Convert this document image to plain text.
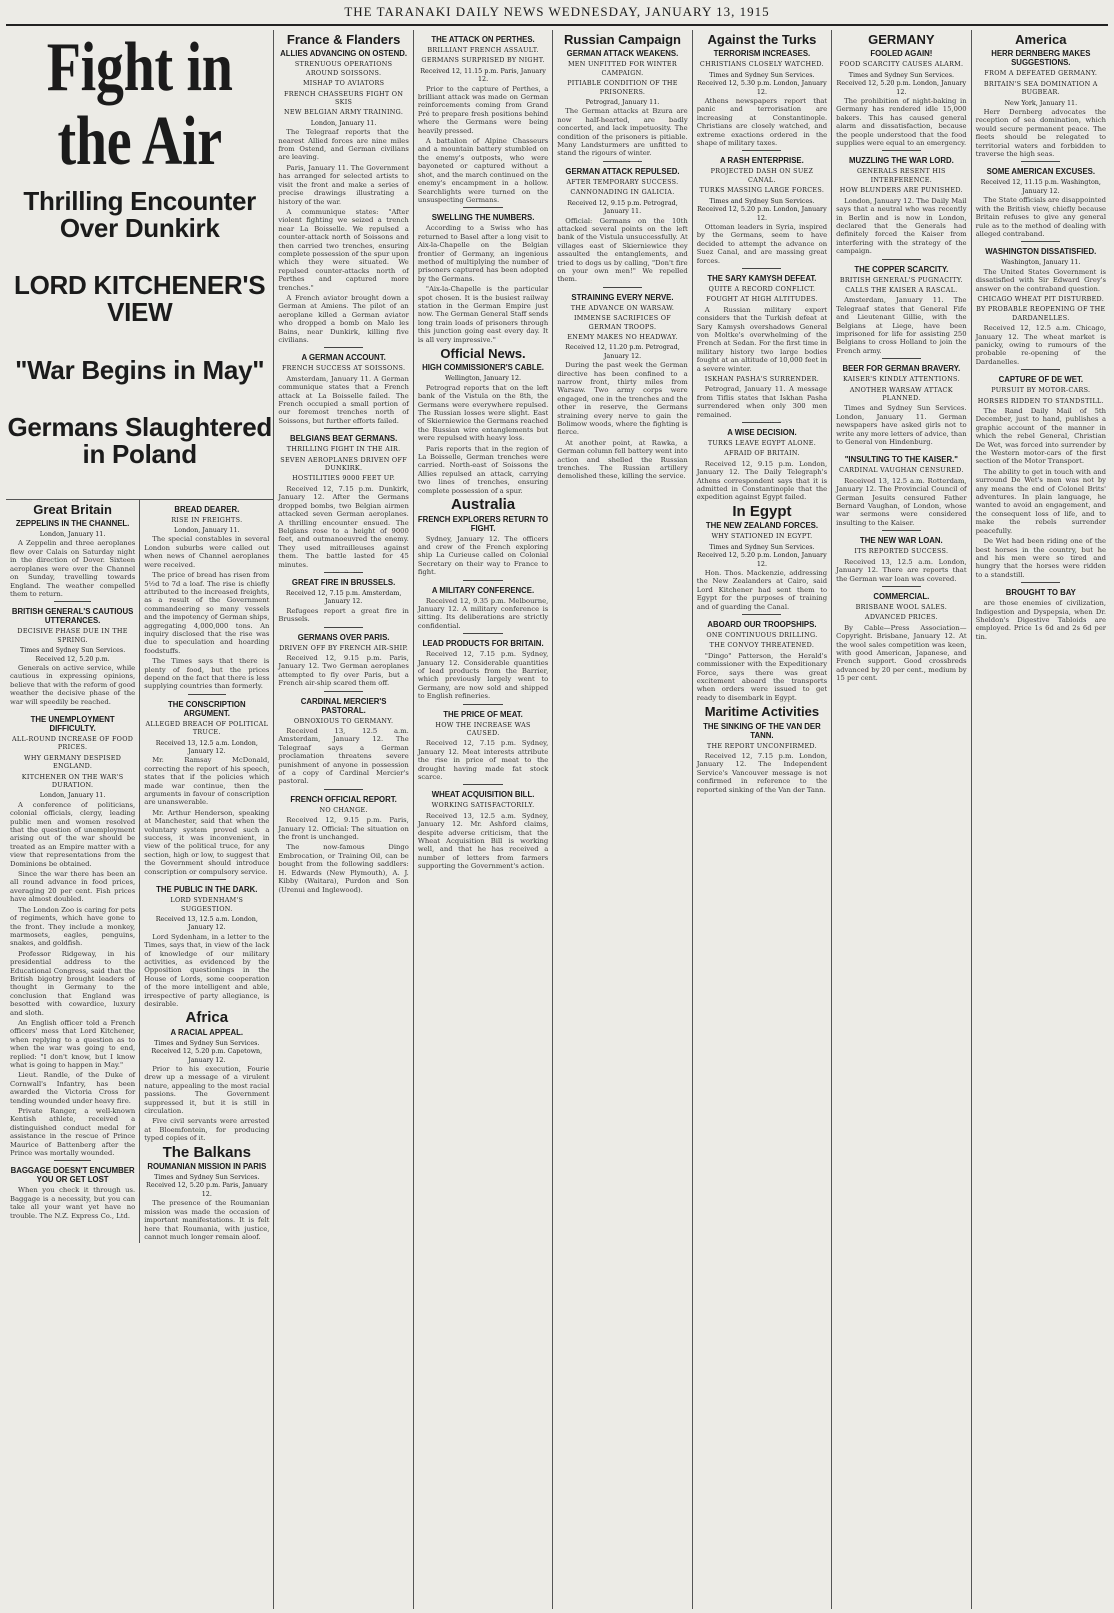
THE TARANAKI DAILY NEWS WEDNESDAY, JANUARY 13, 1915
Fight in the Air
Thrilling Encounter Over Dunkirk
LORD KITCHENER'S VIEW
"War Begins in May"
Germans Slaughtered in Poland
Great Britain
ZEPPELINS IN THE CHANNEL.
London, January 11.

A Zeppelin and three aeroplanes flew over Calais on Saturday night in the direction of Dover. Sixteen aeroplanes were over the Channel on Sunday, travelling towards England. The weather compelled them to return.

BRITISH GENERAL'S CAUTIOUS UTTERANCES.
DECISIVE PHASE DUE IN THE SPRING.
Times and Sydney Sun Services. Received 12, 5.20 p.m.

Generals on active service, while cautious in expressing opinions, believe that with the reform of good weather the decisive phase of the war will speedily be reached.

THE UNEMPLOYMENT DIFFICULTY.
ALL-ROUND INCREASE OF FOOD PRICES.
WHY GERMANY DESPISED ENGLAND.
KITCHENER ON THE WAR'S DURATION.
London, January 11.

A conference of politicians, colonial officials, clergy, leading public men and women resolved that the question of unemployment arising out of the war should be treated as an Empire matter with a view that representations from the Dominions be obtained.

Since the war there has been an all round advance in food prices, averaging 20 per cent. Fish prices have almost doubled.

The London Zoo is caring for pets of regiments, which have gone to the front. They include a monkey, marmosets, eagles, penguins, snakes, and goldfish.

Professor Ridgeway, in his presidential address to the Educational Congress, said that the British bigotry brought leaders of thought in Germany to the conclusion that England was besotted with cowardice, luxury and sloth.

An English officer told a French officers' mess that Lord Kitchener, when replying to a question as to when the war was going to end, replied: "I don't know, but I know what is going to happen in May."

Lieut. Randle, of the Duke of Cornwall's Infantry, has been awarded the Victoria Cross for tending wounded under heavy fire.

Private Ranger, a well-known Kentish athlete, received a distinguished conduct medal for assistance in the rescue of Prince Maurice of Battenberg after the Prince was mortally wounded.

BAGGAGE DOESN'T ENCUMBER YOU OR GET LOST

When you check it through us. Baggage is a necessity, but you can take all your want yet have no trouble. The N.Z. Express Co., Ltd.

BREAD DEARER.
RISE IN FREIGHTS.
London, January 11.

The special constables in several London suburbs were called out when news of Channel aeroplanes were received.

The price of bread has risen from 5½d to 7d a loaf. The rise is chiefly attributed to the increased freights, as a result of the Government commandeering so many vessels and the impotency of German ships, aggregating 4,000,000 tons. An inquiry disclosed that the rise was due to speculation and hoarding foodstuffs.

The Times says that there is plenty of food, but the prices depend on the fact that there is less supplying countries than formerly.

THE CONSCRIPTION ARGUMENT.
ALLEGED BREACH OF POLITICAL TRUCE.
Received 13, 12.5 a.m. London, January 12.

Mr. Ramsay McDonald, correcting the report of his speech, states that if the policies which made war continue, then the arguments in favour of conscription are unanswerable.

Mr. Arthur Henderson, speaking at Manchester, said that when the voluntary system proved such a success, it was inconvenient, in view of the political truce, for any section, high or low, to suggest that the Government should introduce conscription or compulsory service.

THE PUBLIC IN THE DARK.
LORD SYDENHAM'S SUGGESTION.
Received 13, 12.5 a.m. London, January 12.

Lord Sydenham, in a letter to the Times, says that, in view of the lack of knowledge of our military activities, as evidenced by the Opposition questionings in the House of Lords, some cooperation of the more intelligent and able, irrespective of party allegiance, is desirable.

Africa
A RACIAL APPEAL.
Times and Sydney Sun Services. Received 12, 5.20 p.m. Capetown, January 12.

Prior to his execution, Fourie drew up a message of a virulent nature, appealing to the most racial passions. The Government suppressed it, but it is still in circulation.

Five civil servants were arrested at Bloemfontein, for producing typed copies of it.

The Balkans
ROUMANIAN MISSION IN PARIS
Times and Sydney Sun Services. Received 12, 5.20 p.m. Paris, January 12.

The presence of the Roumanian mission was made the occasion of important manifestations. It is felt here that Roumania, with justice, cannot much longer remain aloof.

France & Flanders
ALLIES ADVANCING ON OSTEND.
STRENUOUS OPERATIONS AROUND SOISSONS.
MISHAP TO AVIATORS
FRENCH CHASSEURS FIGHT ON SKIS
NEW BELGIAN ARMY TRAINING.
London, January 11.

The Telegraaf reports that the nearest Allied forces are nine miles from Ostend, and German civilians are leaving.

Paris, January 11. The Government has arranged for selected artists to visit the front and make a series of precise drawings illustrating a history of the war.

A communique states: "After violent fighting we seized a trench near La Boisselle. We repulsed a counter-attack north of Soissons and then carried two trenches, ensuring complete possession of the spur upon which they were situated. We repulsed counter-attacks north of Perthes and captured more trenches."

A French aviator brought down a German at Amiens. The pilot of an aeroplane killed a German aviator who dropped a bomb on Malo les Bains, near Dunkirk, killing five civilians.

A GERMAN ACCOUNT.
FRENCH SUCCESS AT SOISSONS.

Amsterdam, January 11. A German communique states that a French attack at La Boisselle failed. The French occupied a small portion of our foremost trenches north of Soissons, but further efforts failed.

BELGIANS BEAT GERMANS.
THRILLING FIGHT IN THE AIR.
SEVEN AEROPLANES DRIVEN OFF DUNKIRK.
HOSTILITIES 9000 FEET UP.

Received 12, 7.15 p.m. Dunkirk, January 12. After the Germans dropped bombs, two Belgian airmen attacked seven German aeroplanes. A thrilling encounter ensued. The Belgians rose to a height of 9000 feet, and outmanoeuvred the enemy. They used mitrailleuses against them. The battle lasted for 45 minutes.

GREAT FIRE IN BRUSSELS.
Received 12, 7.15 p.m. Amsterdam, January 12.

Refugees report a great fire in Brussels.

GERMANS OVER PARIS.
DRIVEN OFF BY FRENCH AIR-SHIP.

Received 12, 9.15 p.m. Paris, January 12. Two German aeroplanes attempted to fly over Paris, but a French air-ship scared them off.

CARDINAL MERCIER'S PASTORAL.
OBNOXIOUS TO GERMANY.

Received 13, 12.5 a.m. Amsterdam, January 12. The Telegraaf says a German proclamation threatens severe punishment of anyone in possession of a copy of Cardinal Mercier's pastoral.

FRENCH OFFICIAL REPORT.
NO CHANGE.

Received 12, 9.15 p.m. Paris, January 12. Official: The situation on the front is unchanged.

The now-famous Dingo Embrocation, or Training Oil, can be bought from the following saddlers: H. Edwards (New Plymouth), A. J. Kibby (Waitara), Purdon and Son (Urenui and Inglewood).

THE ATTACK ON PERTHES.
BRILLIANT FRENCH ASSAULT.
GERMANS SURPRISED BY NIGHT.
Received 12, 11.15 p.m. Paris, January 12.

Prior to the capture of Perthes, a brilliant attack was made on German reinforcements coming from Grand Pré to prepare fresh positions behind where the Germans were being heavily pressed.

A battalion of Alpine Chasseurs and a mountain battery stumbled on the enemy's outposts, who were bayoneted or captured without a shot, and the march continued on the enemy's encampment in a hollow. Searchlights were turned on the unsuspecting Germans.

SWELLING THE NUMBERS.

According to a Swiss who has returned to Basel after a long visit to Aix-la-Chapelle on the Belgian frontier of Germany, an ingenious method of multiplying the number of prisoners captured has been adopted by the Germans.

"Aix-la-Chapelle is the particular spot chosen. It is the busiest railway station in the German Empire just now. The German General Staff sends long train loads of prisoners through this junction going east every day. It is all very impressive."

Official News.
HIGH COMMISSIONER'S CABLE.
Wellington, January 12.

Petrograd reports that on the left bank of the Vistula on the 8th, the Germans were everywhere repulsed. The Russian losses were slight. East of Skierniewice the Germans reached the Russian wire entanglements but were repulsed with heavy loss.

Paris reports that in the region of La Boisselle, German trenches were carried. North-east of Soissons the Allies repulsed an attack, carrying two lines of trenches, ensuring complete possession of a spur.

Australia
FRENCH EXPLORERS RETURN TO FIGHT.

Sydney, January 12. The officers and crew of the French exploring ship La Curieuse called on Colonial Secretary on their way to France to fight.

A MILITARY CONFERENCE.

Received 12, 9.35 p.m. Melbourne, January 12. A military conference is sitting. Its deliberations are strictly confidential.

LEAD PRODUCTS FOR BRITAIN.

Received 12, 7.15 p.m. Sydney, January 12. Considerable quantities of lead products from the Barrier, which previously largely went to Germany, are now sold and shipped to English refineries.

THE PRICE OF MEAT.
HOW THE INCREASE WAS CAUSED.

Received 12, 7.15 p.m. Sydney, January 12. Meat interests attribute the rise in price of meat to the drought having made fat stock scarce.

WHEAT ACQUISITION BILL.
WORKING SATISFACTORILY.

Received 13, 12.5 a.m. Sydney, January 12. Mr. Ashford claims, despite adverse criticism, that the Wheat Acquisition Bill is working well, and that he has received a number of letters from farmers supporting the Government's action.

Russian Campaign
GERMAN ATTACK WEAKENS.
MEN UNFITTED FOR WINTER CAMPAIGN.
PITIABLE CONDITION OF THE PRISONERS.
Petrograd, January 11.

The German attacks at Bzura are now half-hearted, are badly concerted, and lack impetuosity. The condition of the prisoners is pitiable. Many Landsturmers are unfitted to stand the rigours of winter.

GERMAN ATTACK REPULSED.
AFTER TEMPORARY SUCCESS.
CANNONADING IN GALICIA.
Received 12, 9.15 p.m. Petrograd, January 11.

Official: Germans on the 10th attacked several points on the left bank of the Vistula unsuccessfully. At villages east of Skierniewice they assaulted the entanglements, and tried to dogs us by calling, "Don't fire on your own men!" We repelled them.

STRAINING EVERY NERVE.
THE ADVANCE ON WARSAW.
IMMENSE SACRIFICES OF GERMAN TROOPS.
ENEMY MAKES NO HEADWAY.
Received 12, 11.20 p.m. Petrograd, January 12.

During the past week the German directive has been confined to a narrow front, thirty miles from Warsaw. Two army corps were engaged, one in the trenches and the other in reserve, the Germans straining every nerve to gain the Bolimow woods, where the fighting is fierce.

At another point, at Rawka, a German column fell battery went into action and shelled the Russian trenches. The Russian artillery demolished these, killing the service.

Against the Turks
TERRORISM INCREASES.
CHRISTIANS CLOSELY WATCHED.
Times and Sydney Sun Services. Received 12, 5.30 p.m. London, January 12.

Athens newspapers report that panic and terrorisation are increasing at Constantinople. Christians are closely watched, and extreme exactions ordered in the shape of military taxes.

A RASH ENTERPRISE.
PROJECTED DASH ON SUEZ CANAL.
TURKS MASSING LARGE FORCES.
Times and Sydney Sun Services. Received 12, 5.20 p.m. London, January 12.

Ottoman leaders in Syria, inspired by the Germans, seem to have decided to attempt the advance on Suez Canal, and are massing great forces.

THE SARY KAMYSH DEFEAT.
QUITE A RECORD CONFLICT.
FOUGHT AT HIGH ALTITUDES.

A Russian military expert considers that the Turkish defeat at Sary Kamysh overshadows General von Moltke's overwhelming of the French at Sedan. For the first time in military history two large bodies fought at an altitude of 10,000 feet in a severe winter.

ISKHAN PASHA'S SURRENDER.

Petrograd, January 11. A message from Tiflis states that Iskhan Pasha surrendered when only 300 men remained.

A WISE DECISION.
TURKS LEAVE EGYPT ALONE.
AFRAID OF BRITAIN.

Received 12, 9.15 p.m. London, January 12. The Daily Telegraph's Athens correspondent says that it is admitted in Constantinople that the expedition against Egypt failed.

In Egypt
THE NEW ZEALAND FORCES.
WHY STATIONED IN EGYPT.
Times and Sydney Sun Services. Received 12, 5.20 p.m. London, January 12.

Hon. Thos. Mackenzie, addressing the New Zealanders at Cairo, said Lord Kitchener had sent them to Egypt for the purposes of training and of guarding the Canal.

ABOARD OUR TROOPSHIPS.
ONE CONTINUOUS DRILLING.
THE CONVOY THREATENED.

"Dingo" Patterson, the Herald's commissioner with the Expeditionary Force, says there was great excitement aboard the transports when orders were issued to get ready to disembark in Egypt.

Maritime Activities
THE SINKING OF THE VAN DER TANN.
THE REPORT UNCONFIRMED.

Received 12, 7.15 p.m. London, January 12. The Independent Service's Vancouver message is not confirmed in reference to the reported sinking of the Van der Tann.

GERMANY
FOOLED AGAIN!
FOOD SCARCITY CAUSES ALARM.
Times and Sydney Sun Services. Received 12, 5.20 p.m. London, January 12.

The prohibition of night-baking in Germany has rendered idle 15,000 bakers. This has caused general alarm and dissatisfaction, because the people understood that the food supplies were equal to an emergency.

MUZZLING THE WAR LORD.
GENERALS RESENT HIS INTERFERENCE.
HOW BLUNDERS ARE PUNISHED.

London, January 12. The Daily Mail says that a neutral who was recently in Berlin and is now in London, declared that the Generals had definitely forced the Kaiser from interfering with the strategy of the campaign.

THE COPPER SCARCITY.
BRITISH GENERAL'S PUGNACITY.
CALLS THE KAISER A RASCAL.

Amsterdam, January 11. The Telegraaf states that General Fife and Lieutenant Gillie, with the Belgians at Liege, have been imprisoned for life for assisting 250 Belgians to cross Holland to join the French army.

BEER FOR GERMAN BRAVERY.
KAISER'S KINDLY ATTENTIONS.
ANOTHER WARSAW ATTACK PLANNED.

Times and Sydney Sun Services. London, January 11. German newspapers have asked girls not to write any more letters of advice, than to General von Hindenburg.

"INSULTING TO THE KAISER."
CARDINAL VAUGHAN CENSURED.

Received 13, 12.5 a.m. Rotterdam, January 12. The Provincial Council of German Jesuits censured Father Bernard Vaughan, of London, whose war sermons were considered insulting to the Kaiser.

THE NEW WAR LOAN.
ITS REPORTED SUCCESS.

Received 13, 12.5 a.m. London, January 12. There are reports that the German war loan was covered.

COMMERCIAL.
BRISBANE WOOL SALES.
ADVANCED PRICES.

By Cable—Press Association—Copyright. Brisbane, January 12. At the wool sales competition was keen, with good American, Japanese, and French support. Good crossbreds advanced by 20 per cent., medium by 15 per cent.

America
HERR DERNBERG MAKES SUGGESTIONS.
FROM A DEFEATED GERMANY.
BRITAIN'S SEA DOMINATION A BUGBEAR.
New York, January 11.

Herr Dernberg advocates the reception of sea domination, which would secure permanent peace. The fleets should be relegated to territorial waters and forbidden to traverse the high seas.

SOME AMERICAN EXCUSES.
Received 12, 11.15 p.m. Washington, January 12.

The State officials are disappointed with the British view, chiefly because Britain refuses to give any general rule as to the method of dealing with alleged contraband.

WASHINGTON DISSATISFIED.
Washington, January 11.

The United States Government is dissatisfied with Sir Edward Grey's answer on the contraband question.

CHICAGO WHEAT PIT DISTURBED.
BY PROBABLE REOPENING OF THE DARDANELLES.

Received 12, 12.5 a.m. Chicago, January 12. The wheat market is panicky, owing to rumours of the probable re-opening of the Dardanelles.

CAPTURE OF DE WET.
PURSUIT BY MOTOR-CARS.
HORSES RIDDEN TO STANDSTILL.

The Rand Daily Mail of 5th December, just to hand, publishes a graphic account of the manner in which the rebel General, Christian De Wet, was forced into surrender by the Western motor-cars of the first section of the Motor Transport.

The ability to get in touch with and surround De Wet's men was not by any means the end of Colonel Brits' adventures. In plain language, he wanted to avoid an engagement, and the consequent loss of life, and to make the rebels surrender peacefully.

De Wet had been riding one of the best horses in the country, but he and his men were so tired and hungry that the horses were ridden to a standstill.

BROUGHT TO BAY

are those enemies of civilization, Indigestion and Dyspepsia, when Dr. Sheldon's Digestive Tabloids are employed. Price 1s 6d and 2s 6d per tin.
